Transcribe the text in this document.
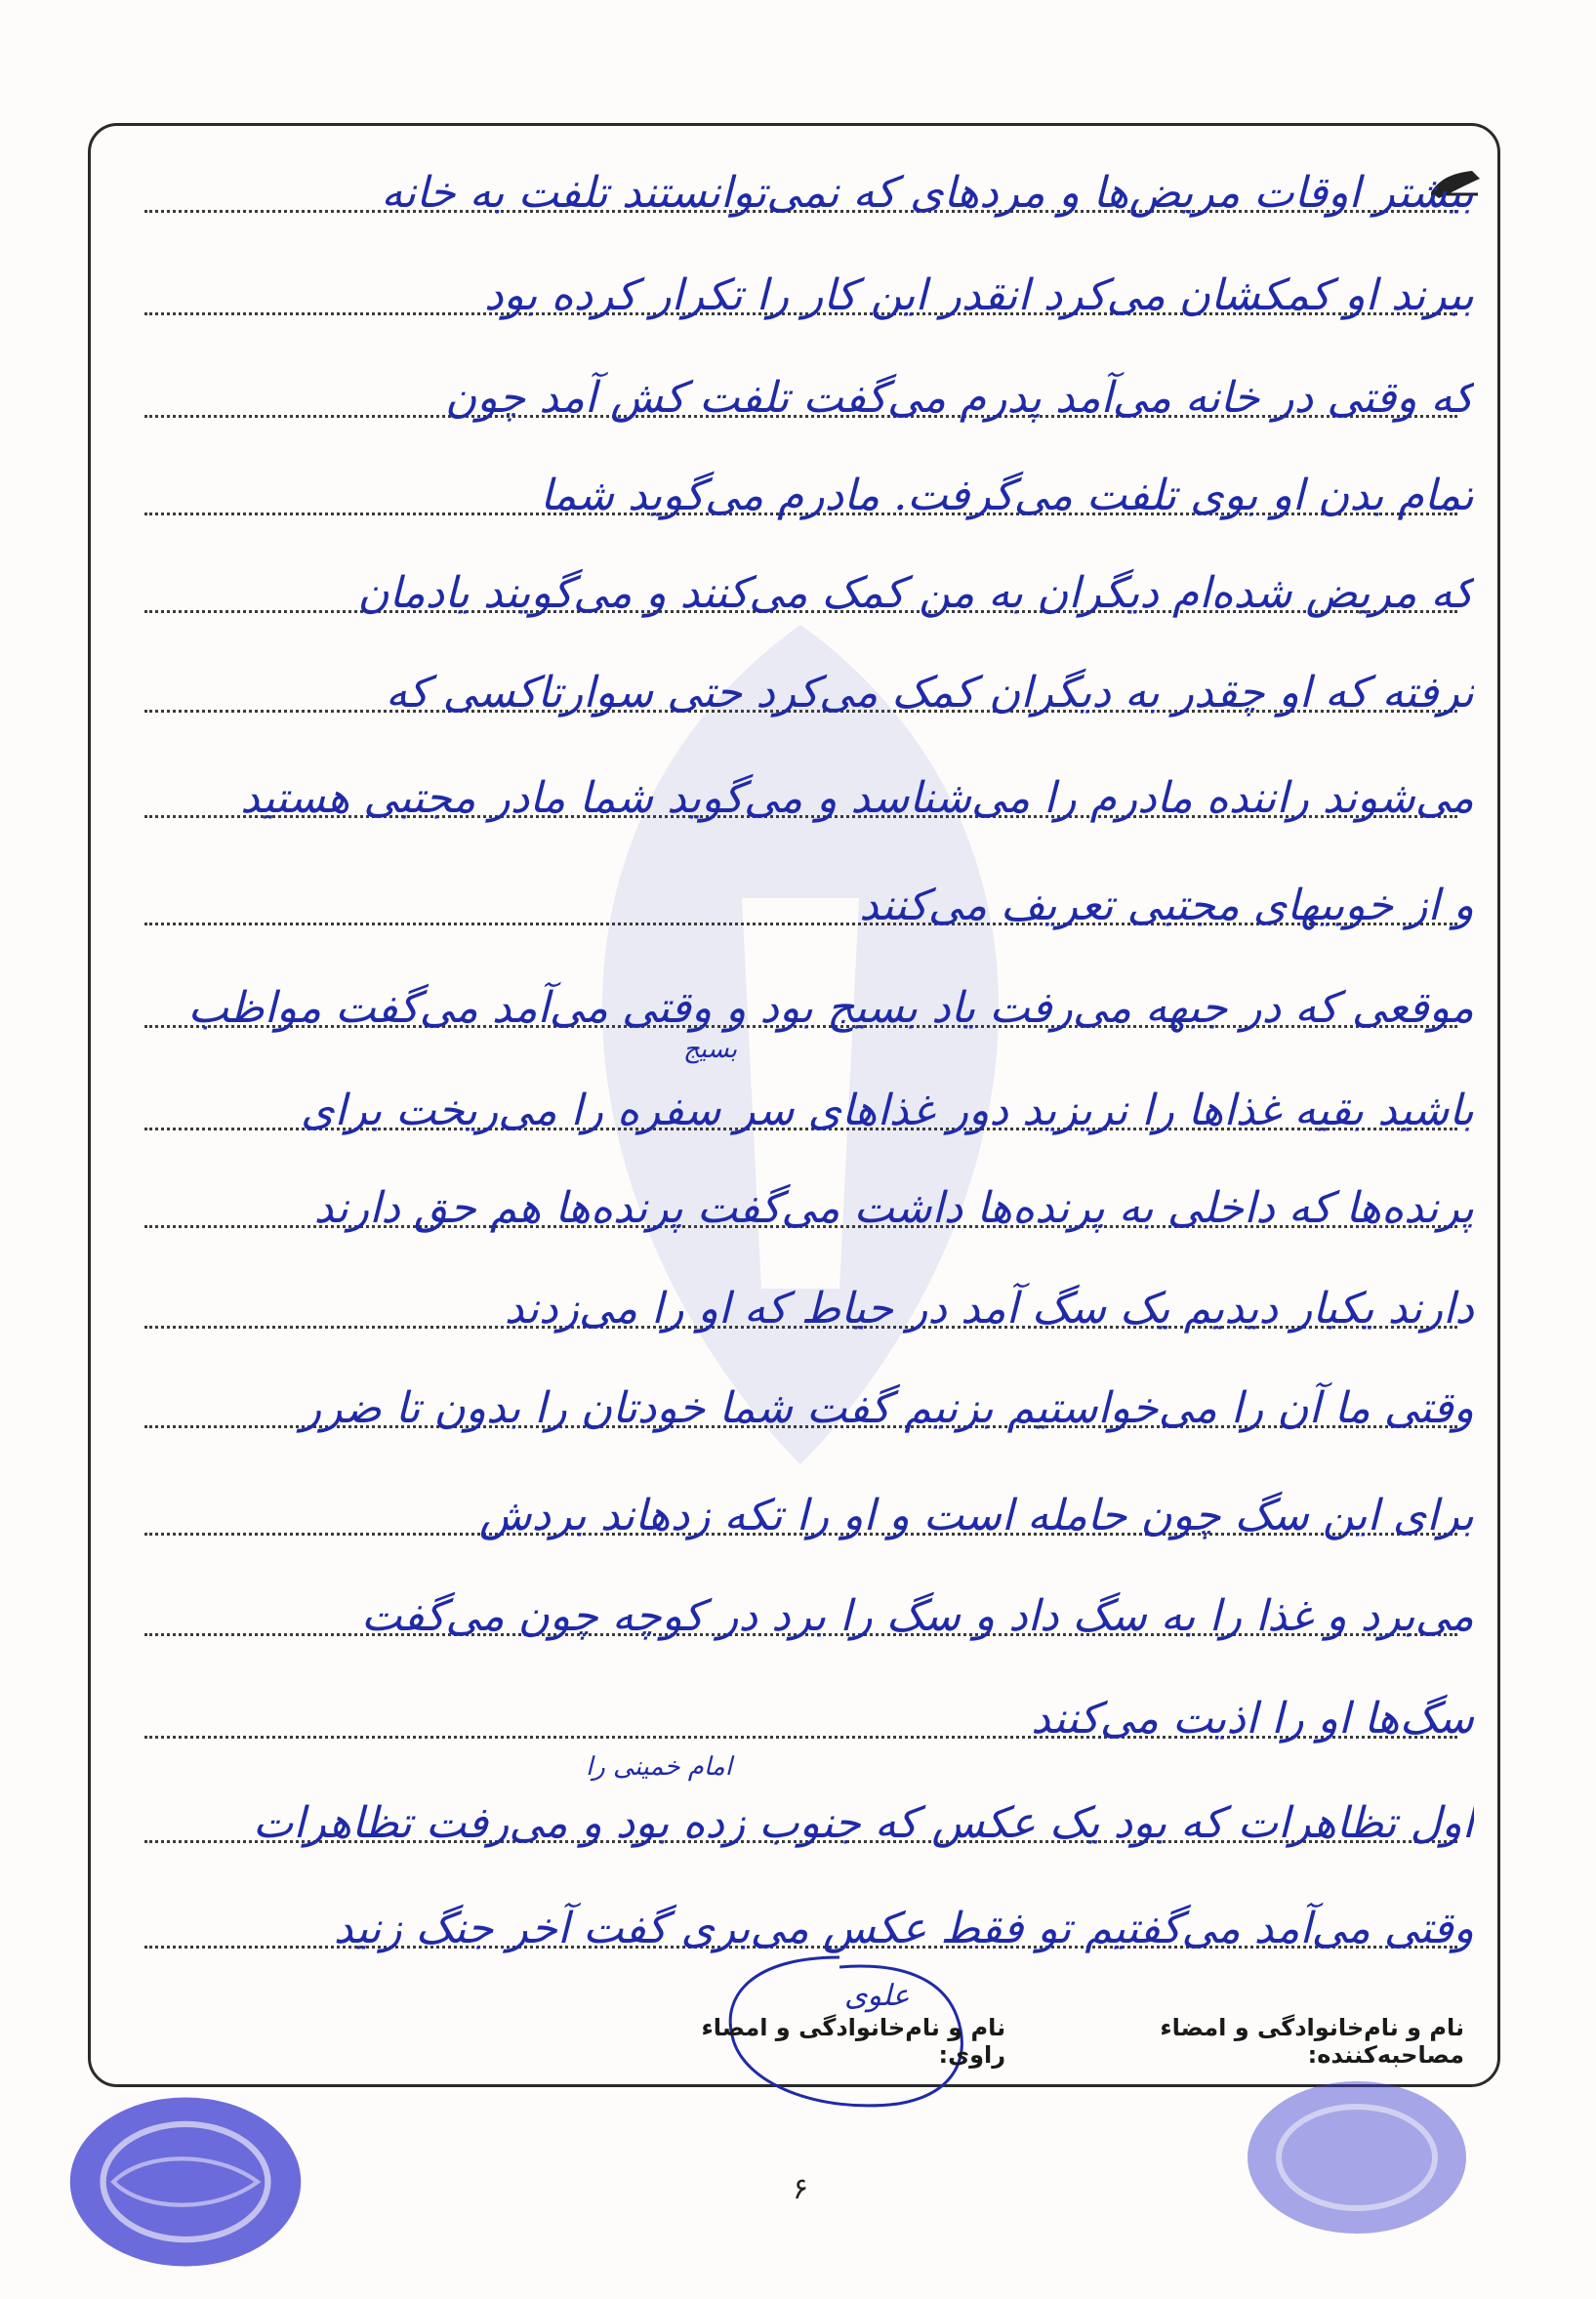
بیشتر اوقات مریض‌ها و مردهای که نمی‌توانستند تلفت به خانه
ببرند او کمکشان می‌کرد انقدر این کار را تکرار کرده بود
که وقتی در خانه می‌آمد پدرم می‌گفت تلفت کش آمد چون
تمام بدن او بوی تلفت می‌گرفت. مادرم می‌گوید شما
که مریض شده‌ام دیگران به من کمک می‌کنند و می‌گویند یادمان
نرفته که او چقدر به دیگران کمک می‌کرد حتی سوارتاکسی که
می‌شوند راننده مادرم را می‌شناسد و می‌گوید شما مادر مجتبی هستید
و از خوبیهای مجتبی تعریف می‌کنند
موقعی که در جبهه می‌رفت یاد بسیج بود و وقتی می‌آمد می‌گفت مواظب
باشید بقیه غذاها را نریزید دور غذاهای سر سفره را می‌ریخت برای
پرنده‌ها که داخلی به پرنده‌ها داشت می‌گفت پرنده‌ها هم حق دارند
دارند یکبار دیدیم یک سگ آمد در حیاط که او را می‌زدند
وقتی ما آن را می‌خواستیم بزنیم گفت شما خودتان را بدون تا ضرر
برای این سگ چون حامله است و او را تکه زدهاند بردش
می‌برد و غذا را به سگ داد و سگ را برد در کوچه چون می‌گفت
سگ‌ها او را اذیت می‌کنند
اول تظاهرات که بود یک عکس که جنوب زده بود و می‌رفت تظاهرات
وقتی می‌آمد می‌گفتیم تو فقط عکس می‌بری گفت آخر جنگ زنید
بسیج
امام خمینی را
علوی
نام و نام‌خانوادگی و امضاء مصاحبه‌کننده:
نام و نام‌خانوادگی و امضاء راوی:
۶
